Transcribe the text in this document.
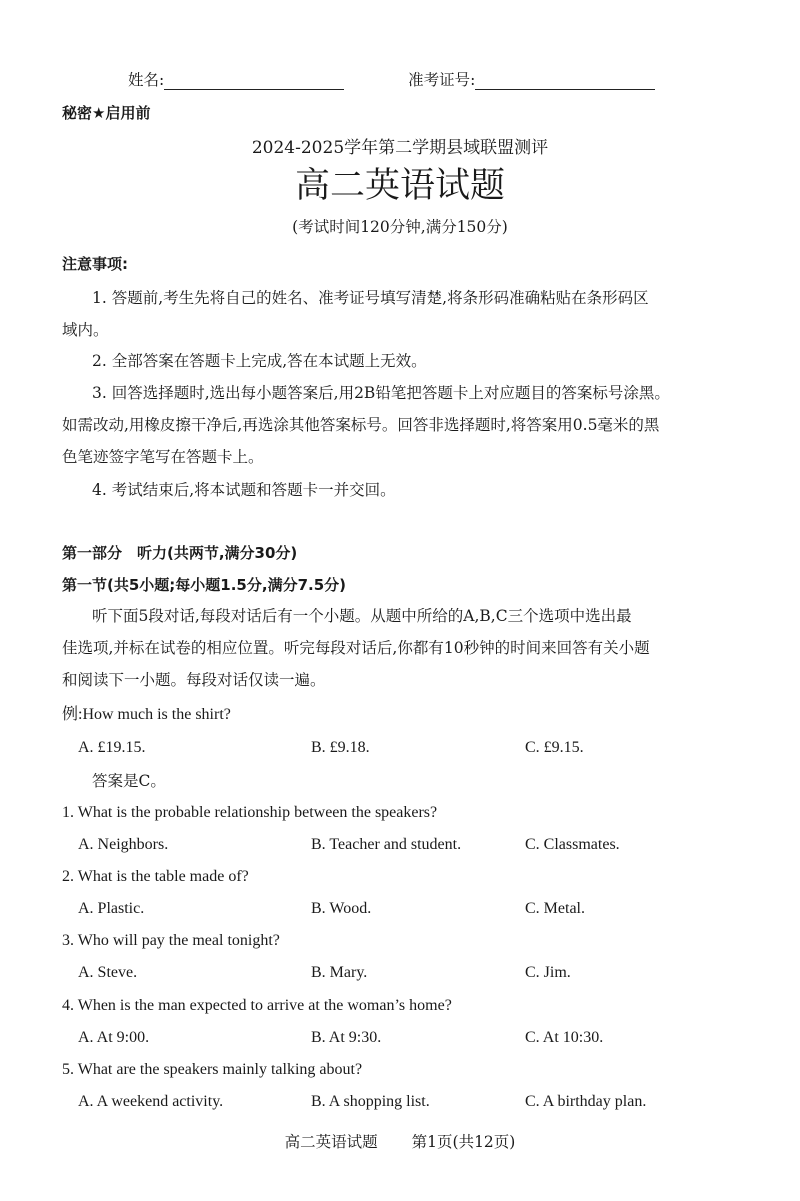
姓名:	准考证号:
秘密★启用前
2024-2025学年第二学期县域联盟测评
高二英语试题
(考试时间120分钟,满分150分)
注意事项:
1. 答题前,考生先将自己的姓名、准考证号填写清楚,将条形码准确粘贴在条形码区
域内。
2. 全部答案在答题卡上完成,答在本试题上无效。
3. 回答选择题时,选出每小题答案后,用2B铅笔把答题卡上对应题目的答案标号涂黑。
如需改动,用橡皮擦干净后,再选涂其他答案标号。回答非选择题时,将答案用0.5毫米的黑
色笔迹签字笔写在答题卡上。
4. 考试结束后,将本试题和答题卡一并交回。
第一部分　听力(共两节,满分30分)
第一节(共5小题;每小题1.5分,满分7.5分)
听下面5段对话,每段对话后有一个小题。从题中所给的A,B,C三个选项中选出最
佳选项,并标在试卷的相应位置。听完每段对话后,你都有10秒钟的时间来回答有关小题
和阅读下一小题。每段对话仅读一遍。
例:How much is the shirt?
A. £19.15.	B. £9.18.	C. £9.15.
答案是C。
1. What is the probable relationship between the speakers?
A. Neighbors.	B. Teacher and student.	C. Classmates.
2. What is the table made of?
A. Plastic.	B. Wood.	C. Metal.
3. Who will pay the meal tonight?
A. Steve.	B. Mary.	C. Jim.
4. When is the man expected to arrive at the woman’s home?
A. At 9:00.	B. At 9:30.	C. At 10:30.
5. What are the speakers mainly talking about?
A. A weekend activity.	B. A shopping list.	C. A birthday plan.
高二英语试题 第1页(共12页)
